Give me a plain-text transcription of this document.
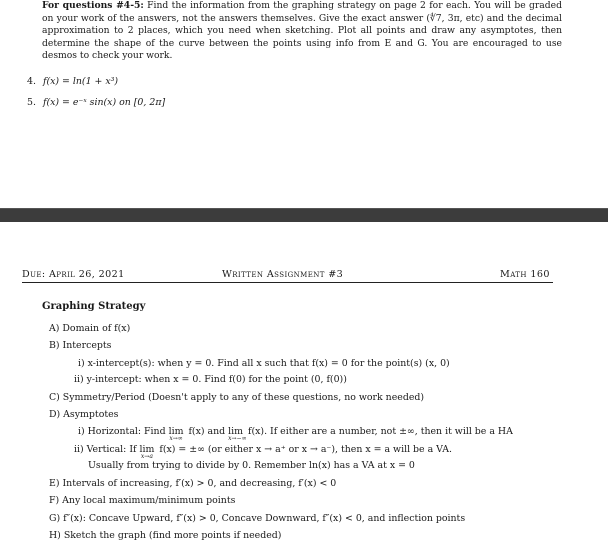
For questions #4-5: Find the information from the graphing strategy on page 2 for each. You will be graded on your work of the answers, not the answers themselves. Give the exact answer (∜7, 3π, etc) and the decimal approximation to 2 places, which you need when sketching. Plot all points and draw any asymptotes, then determine the shape of the curve between the points using info from E and G. You are encouraged to use desmos to check your work.
4. f(x) = ln(1 + x³)
5. f(x) = e⁻ˣ sin(x) on [0, 2π]
Due: April 26, 2021	Written Assignment #3	Math 160
Graphing Strategy
A) Domain of f(x)
B) Intercepts
i) x-intercept(s): when y = 0. Find all x such that f(x) = 0 for the point(s) (x, 0)
ii) y-intercept: when x = 0. Find f(0) for the point (0, f(0))
C) Symmetry/Period (Doesn't apply to any of these questions, no work needed)
D) Asymptotes
i) Horizontal: Find lim
x→∞
f(x) and lim
x→−∞
f(x). If either are a number, not ±∞, then it will be a HA
ii) Vertical: If lim
x→a
f(x) = ±∞ (or either x → a⁺ or x → a⁻), then x = a will be a VA.
Usually from trying to divide by 0. Remember ln(x) has a VA at x = 0
E) Intervals of increasing, f′(x) > 0, and decreasing, f′(x) < 0
F) Any local maximum/minimum points
G) f″(x): Concave Upward, f″(x) > 0, Concave Downward, f″(x) < 0, and inflection points
H) Sketch the graph (find more points if needed)
